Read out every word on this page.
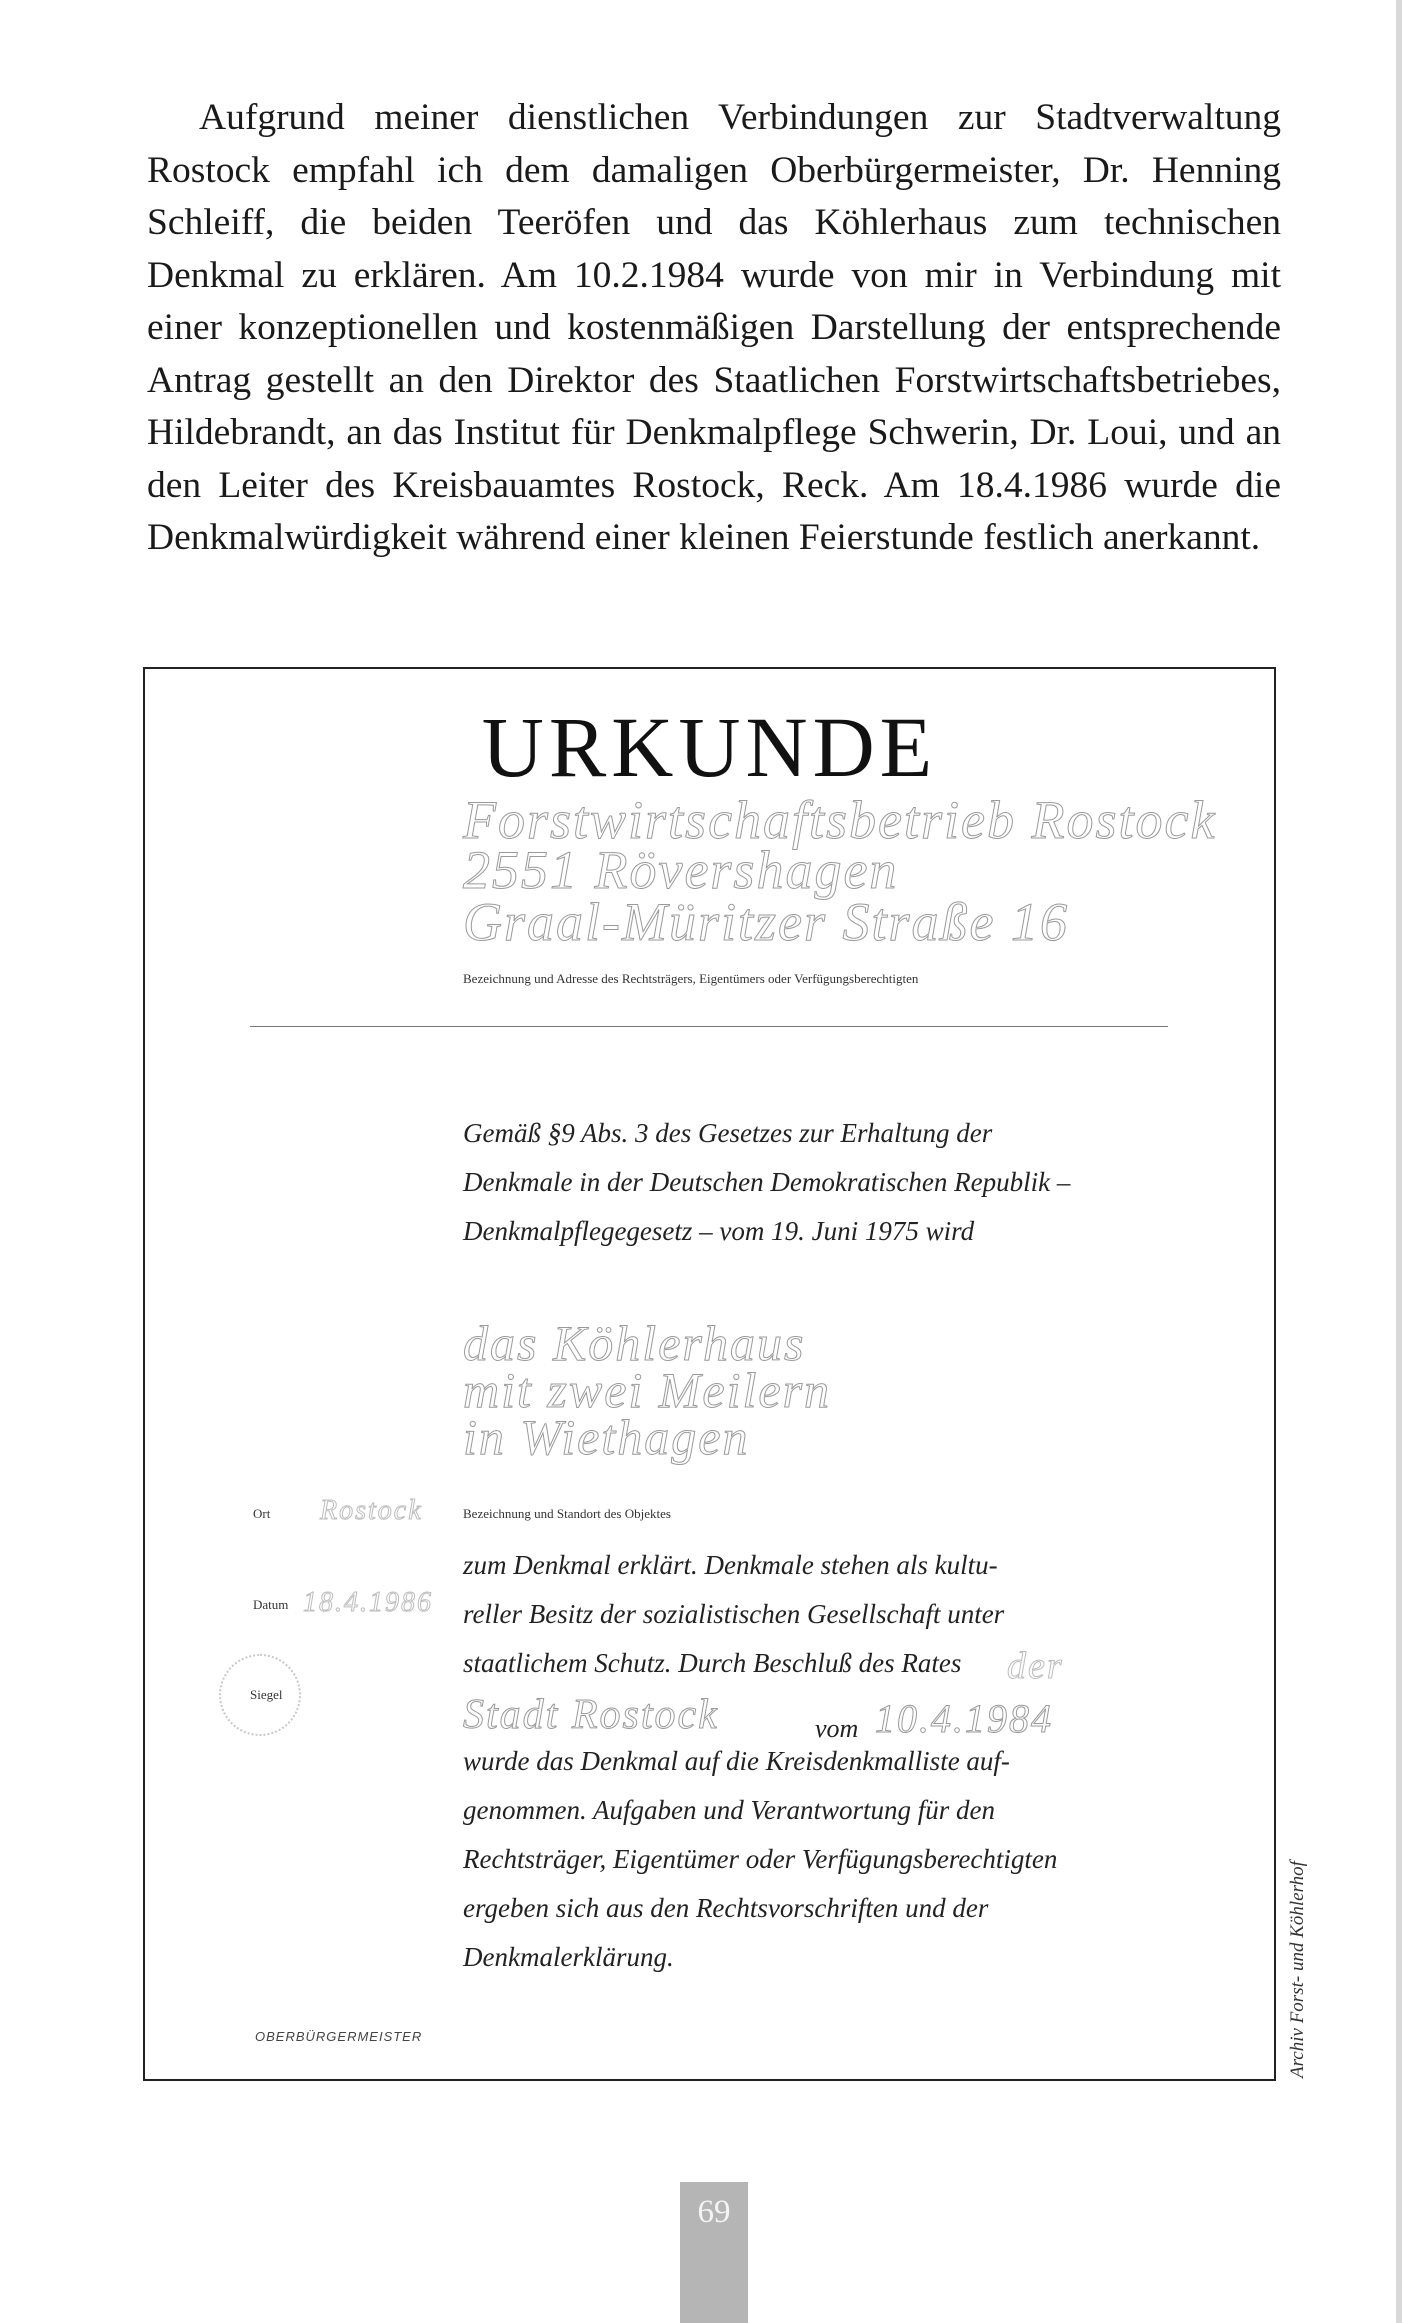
Aufgrund meiner dienstlichen Verbindungen zur Stadtverwaltung Rostock empfahl ich dem damaligen Oberbürgermeister, Dr. Henning Schleiff, die beiden Teeröfen und das Köhlerhaus zum technischen Denkmal zu erklären. Am 10.2.1984 wurde von mir in Verbindung mit einer konzeptionellen und kostenmäßigen Darstellung der entsprechende Antrag gestellt an den Direktor des Staatlichen Forstwirtschaftsbetriebes, Hildebrandt, an das Institut für Denkmalpflege Schwerin, Dr. Loui, und an den Leiter des Kreisbauamtes Rostock, Reck. Am 18.4.1986 wurde die Denkmalwürdigkeit während einer kleinen Feierstunde festlich anerkannt.

URKUNDE
Forstwirtschaftsbetrieb Rostock
2551 Rövershagen
Graal-Müritzer Straße 16
Bezeichnung und Adresse des Rechtsträgers, Eigentümers oder Verfügungsberechtigten

Gemäß §9 Abs. 3 des Gesetzes zur Erhaltung der
Denkmale in der Deutschen Demokratischen Republik –
Denkmalpflegegesetz – vom 19. Juni 1975 wird

das Köhlerhaus
mit zwei Meilern
in Wiethagen
Ort Rostock	Bezeichnung und Standort des Objektes

zum Denkmal erklärt. Denkmale stehen als kultu-
reller Besitz der sozialistischen Gesellschaft unter
staatlichem Schutz. Durch Beschluß des Rates

wurde das Denkmal auf die Kreisdenkmalliste auf-
genommen. Aufgaben und Verantwortung für den
Rechtsträger, Eigentümer oder Verfügungsberechtigten
ergeben sich aus den Rechtsvorschriften und der
Denkmalerklärung.

der
Stadt Rostock	vom 10.4.1984
Datum 18.4.1986
Siegel
OBERBÜRGERMEISTER	Archiv Forst- und Köhlerhof
69
